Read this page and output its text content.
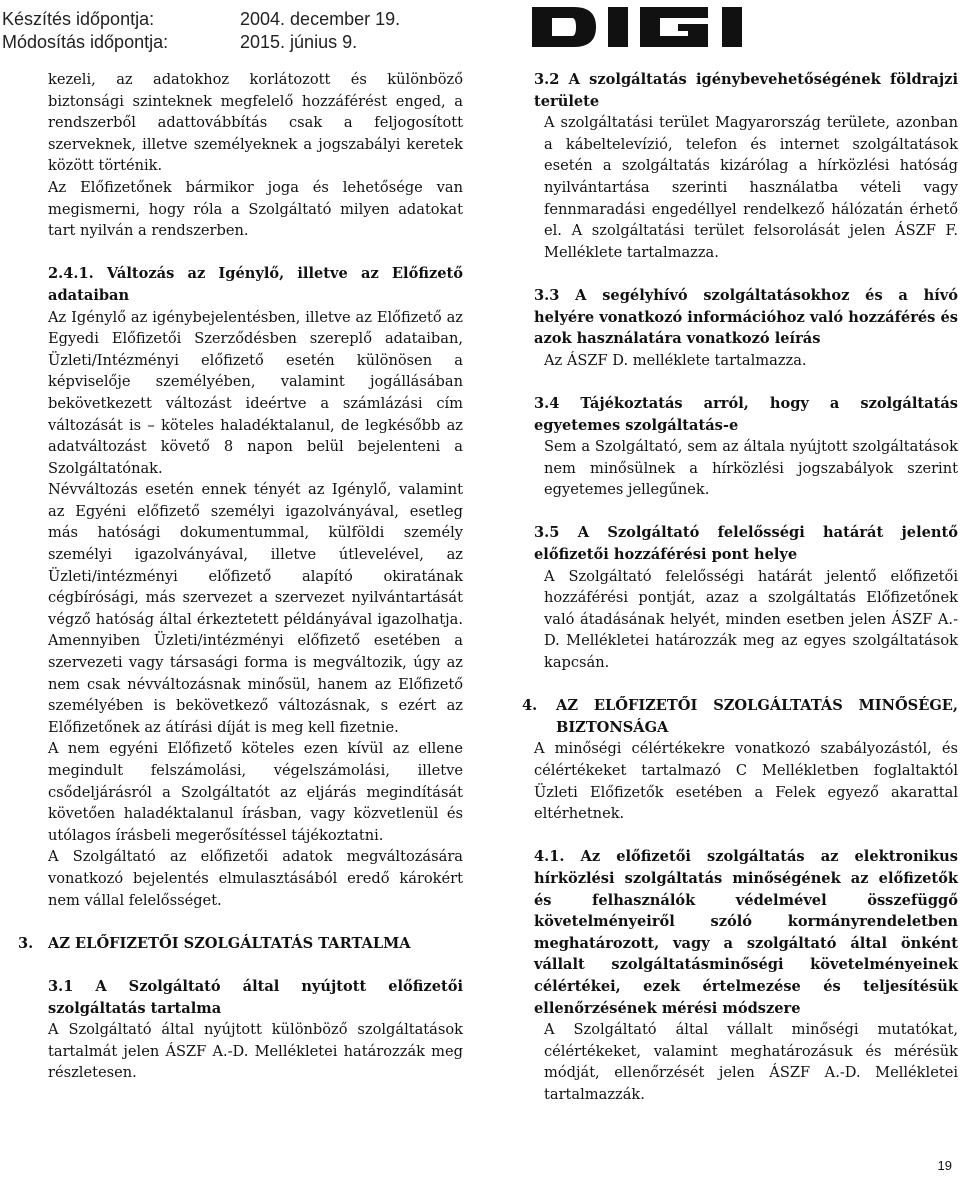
Készítés időpontja:	2004. december 19.
Módosítás időpontja:	2015. június 9.

kezeli, az adatokhoz korlátozott és különböző biztonsági szinteknek megfelelő hozzáférést enged, a rendszerből adattovábbítás csak a feljogosított szerveknek, illetve személyeknek a jogszabályi keretek között történik.

Az Előfizetőnek bármikor joga és lehetősége van megismerni, hogy róla a Szolgáltató milyen adatokat tart nyilván a rendszerben.

2.4.1. Változás az Igénylő, illetve az Előfizető adataiban

Az Igénylő az igénybejelentésben, illetve az Előfizető az Egyedi Előfizetői Szerződésben szereplő adataiban, Üzleti/Intézményi előfizető esetén különösen a képviselője személyében, valamint jogállásában bekövetkezett változást ideértve a számlázási cím változását is – köteles haladéktalanul, de legkésőbb az adatváltozást követő 8 napon belül bejelenteni a Szolgáltatónak.

Névváltozás esetén ennek tényét az Igénylő, valamint az Egyéni előfizető személyi igazolványával, esetleg más hatósági dokumentummal, külföldi személy személyi igazolványával, illetve útlevelével, az Üzleti/intézményi előfizető alapító okiratának cégbírósági, más szervezet a szervezet nyilvántartását végző hatóság által érkeztetett példányával igazolhatja. Amennyiben Üzleti/intézményi előfizető esetében a szervezeti vagy társasági forma is megváltozik, úgy az nem csak névváltozásnak minősül, hanem az Előfizető személyében is bekövetkező változásnak, s ezért az Előfizetőnek az átírási díját is meg kell fizetnie.

A nem egyéni Előfizető köteles ezen kívül az ellene megindult felszámolási, végelszámolási, illetve csődeljárásról a Szolgáltatót az eljárás megindítását követően haladéktalanul írásban, vagy közvetlenül és utólagos írásbeli megerősítéssel tájékoztatni.

A Szolgáltató az előfizetői adatok megváltozására vonatkozó bejelentés elmulasztásából eredő károkért nem vállal felelősséget.

3.	AZ ELŐFIZETŐI SZOLGÁLTATÁS TARTALMA

3.1 A Szolgáltató által nyújtott előfizetői szolgáltatás tartalma

A Szolgáltató által nyújtott különböző szolgáltatások tartalmát jelen ÁSZF A.-D. Mellékletei határozzák meg részletesen.

3.2 A szolgáltatás igénybevehetőségének földrajzi területe

A szolgáltatási terület Magyarország területe, azonban a kábeltelevízió, telefon és internet szolgáltatások esetén a szolgáltatás kizárólag a hírközlési hatóság nyilvántartása szerinti használatba vételi vagy fennmaradási engedéllyel rendelkező hálózatán érhető el. A szolgáltatási terület felsorolását jelen ÁSZF F. Melléklete tartalmazza.

3.3 A segélyhívó szolgáltatásokhoz és a hívó helyére vonatkozó információhoz való hozzáférés és azok használatára vonatkozó leírás

Az ÁSZF D. melléklete tartalmazza.

3.4 Tájékoztatás arról, hogy a szolgáltatás egyetemes szolgáltatás-e

Sem a Szolgáltató, sem az általa nyújtott szolgáltatások nem minősülnek a hírközlési jogszabályok szerint egyetemes jellegűnek.

3.5 A Szolgáltató felelősségi határát jelentő előfizetői hozzáférési pont helye

A Szolgáltató felelősségi határát jelentő előfizetői hozzáférési pontját, azaz a szolgáltatás Előfizetőnek való átadásának helyét, minden esetben jelen ÁSZF A.-D. Mellékletei határozzák meg az egyes szolgáltatások kapcsán.

4.	AZ ELŐFIZETŐI SZOLGÁLTATÁS MINŐSÉGE, BIZTONSÁGA

A minőségi célértékekre vonatkozó szabályozástól, és célértékeket tartalmazó C Mellékletben foglaltaktól Üzleti Előfizetők esetében a Felek egyező akarattal eltérhetnek.

4.1. Az előfizetői szolgáltatás az elektronikus hírközlési szolgáltatás minőségének az előfizetők és felhasználók védelmével összefüggő követelményeiről szóló kormányrendeletben meghatározott, vagy a szolgáltató által önként vállalt szolgáltatásminőségi követelményeinek célértékei, ezek értelmezése és teljesítésük ellenőrzésének mérési módszere

A Szolgáltató által vállalt minőségi mutatókat, célértékeket, valamint meghatározásuk és mérésük módját, ellenőrzését jelen ÁSZF A.-D. Mellékletei tartalmazzák.

19
